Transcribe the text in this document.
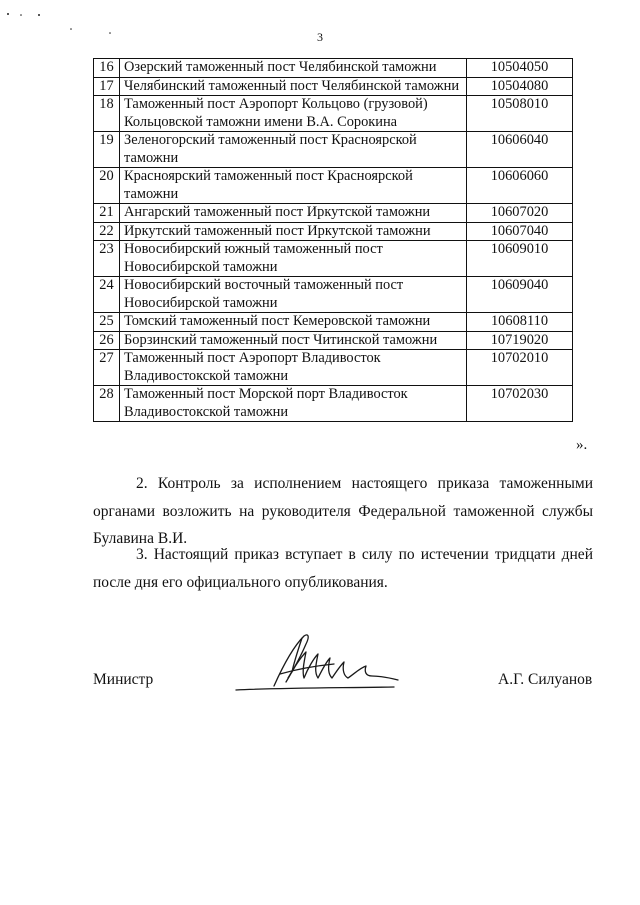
3
16	Озерский таможенный пост Челябинской таможни	10504050
17	Челябинский таможенный пост Челябинской таможни	10504080
18	Таможенный пост Аэропорт Кольцово (грузовой) Кольцовской таможни имени В.А. Сорокина	10508010
19	Зеленогорский таможенный пост Красноярской таможни	10606040
20	Красноярский таможенный пост Красноярской таможни	10606060
21	Ангарский таможенный пост Иркутской таможни	10607020
22	Иркутский таможенный пост Иркутской таможни	10607040
23	Новосибирский южный таможенный пост Новосибирской таможни	10609010
24	Новосибирский восточный таможенный пост Новосибирской таможни	10609040
25	Томский таможенный пост Кемеровской таможни	10608110
26	Борзинский таможенный пост Читинской таможни	10719020
27	Таможенный пост Аэропорт Владивосток Владивостокской таможни	10702010
28	Таможенный пост Морской порт Владивосток Владивостокской таможни	10702030
».
2. Контроль за исполнением настоящего приказа таможенными органами возложить на руководителя Федеральной таможенной службы Булавина В.И.
3. Настоящий приказ вступает в силу по истечении тридцати дней после дня его официального опубликования.
Министр	А.Г. Силуанов
